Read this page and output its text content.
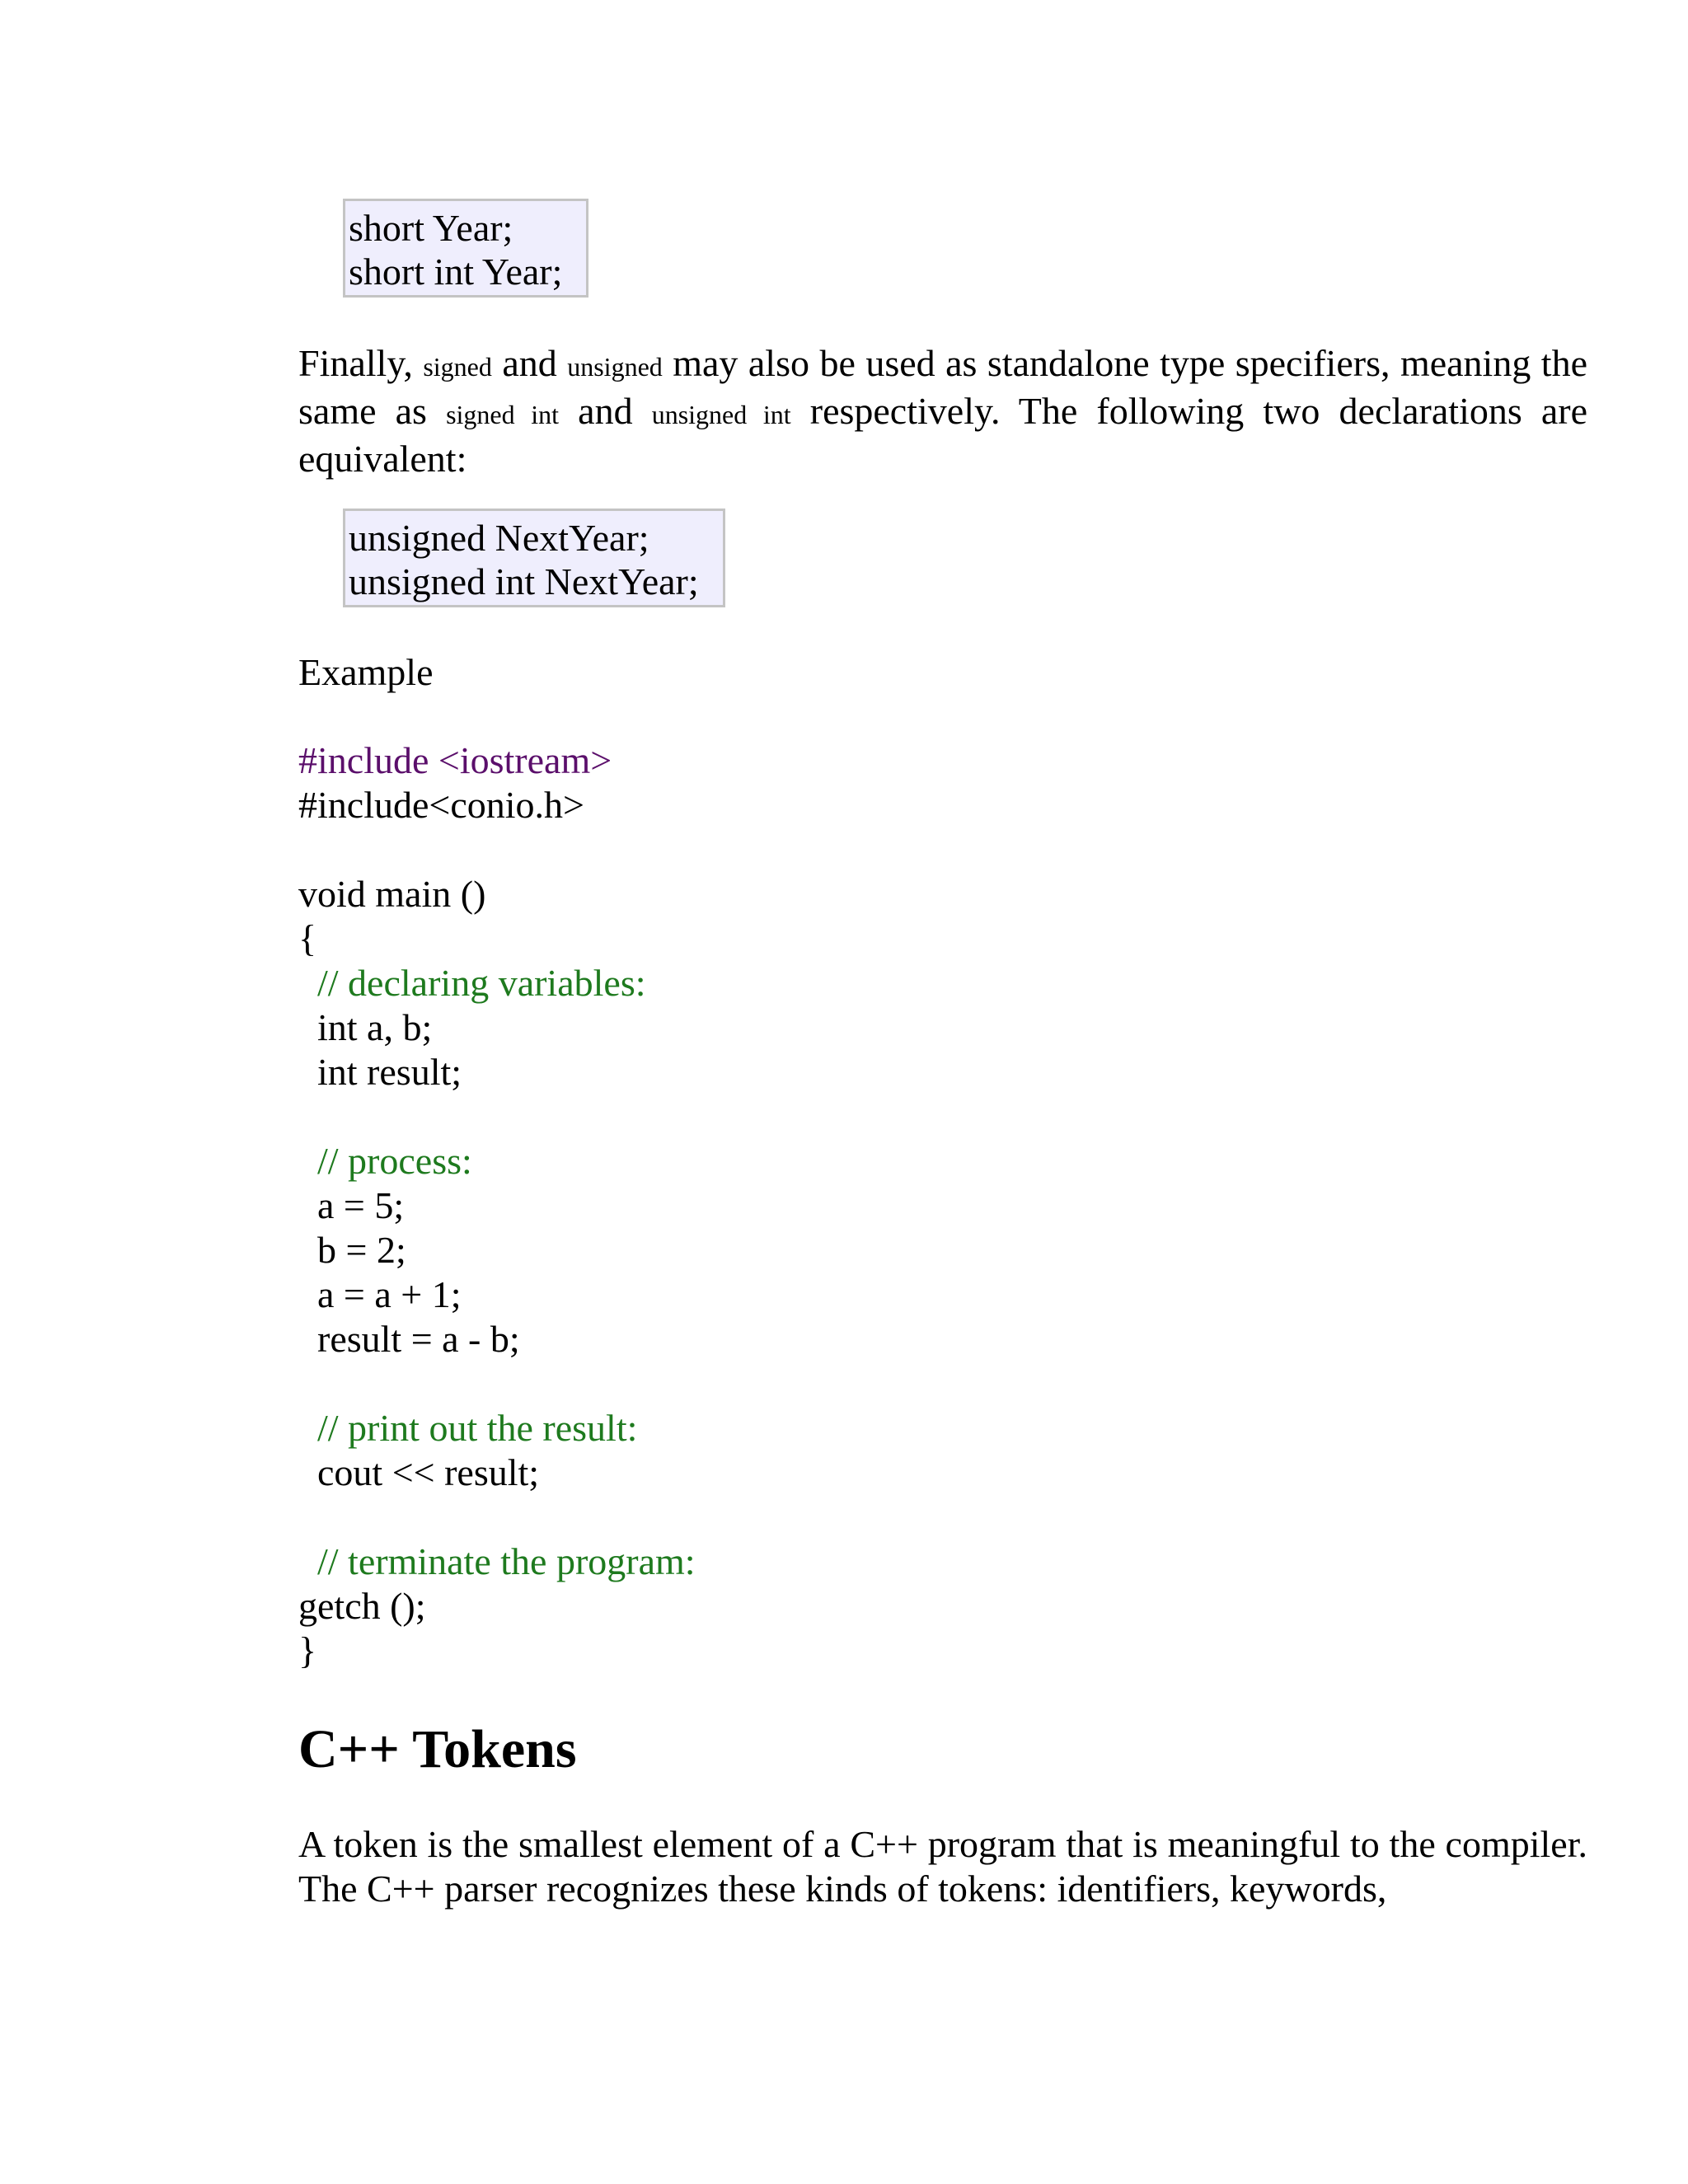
short Year;
short int Year;
Finally, signed and unsigned may also be used as standalone type specifiers, meaning the same as signed int and unsigned int respectively. The following two declarations are equivalent:
unsigned NextYear;
unsigned int NextYear;
Example
#include <iostream>
#include<conio.h>
void main ()
{
// declaring variables:
int a, b;
int result;
// process:
a = 5;
b = 2;
a = a + 1;
result = a - b;
// print out the result:
cout << result;
// terminate the program:
getch ();
}
C++ Tokens
A token is the smallest element of a C++ program that is meaningful to the compiler. The C++ parser recognizes these kinds of tokens: identifiers, keywords,
